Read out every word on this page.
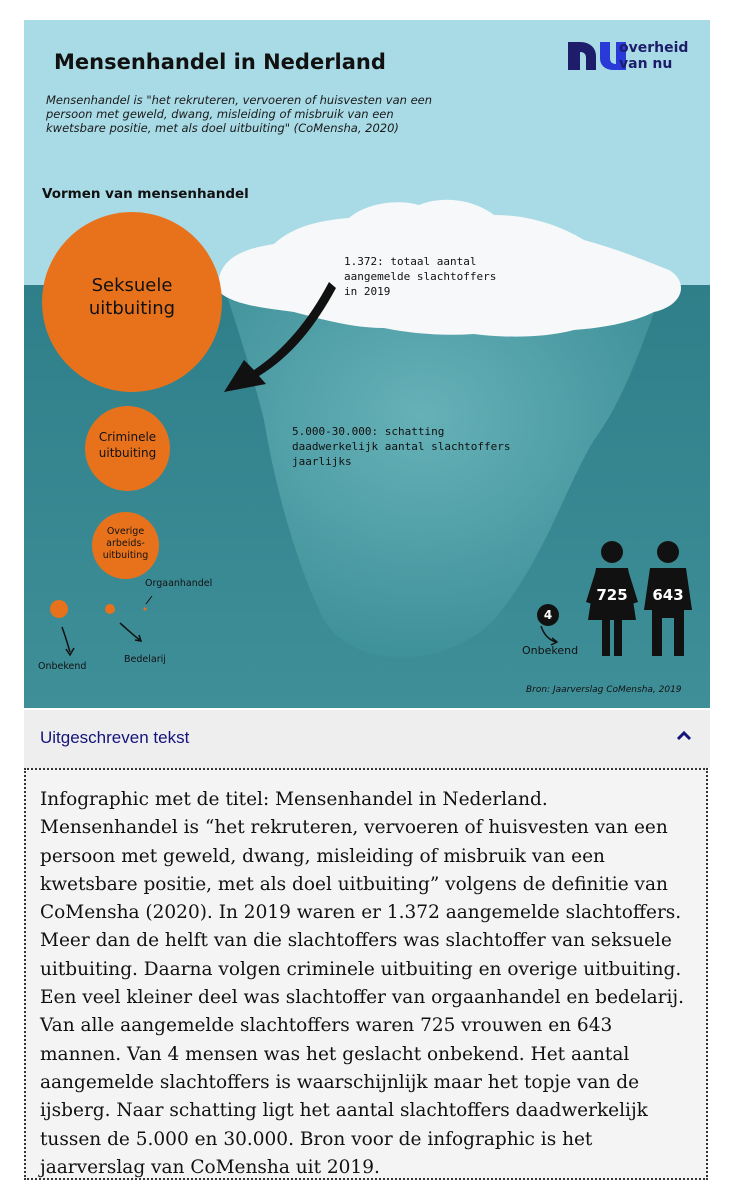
Mensenhandel in Nederland
Mensenhandel is "het rekruteren, vervoeren of huisvesten van een persoon met geweld, dwang, misleiding of misbruik van een kwetsbare positie, met als doel uitbuiting" (CoMensha, 2020)
Vormen van mensenhandel
Seksuele uitbuiting
Criminele uitbuiting
Overige arbeids-uitbuiting
Orgaanhandel
Onbekend
Bedelarij
1.372: totaal aantal aangemelde slachtoffers in 2019
5.000-30.000: schatting daadwerkelijk aantal slachtoffers jaarlijks
725 643
4
Onbekend
Bron: Jaarverslag CoMensha, 2019
overheid
van nu
Uitgeschreven tekst

Infographic met de titel: Mensenhandel in Nederland. Mensenhandel is “het rekruteren, vervoeren of huisvesten van een persoon met geweld, dwang, misleiding of misbruik van een kwetsbare positie, met als doel uitbuiting” volgens de definitie van CoMensha (2020). In 2019 waren er 1.372 aangemelde slachtoffers. Meer dan de helft van die slachtoffers was slachtoffer van seksuele uitbuiting. Daarna volgen criminele uitbuiting en overige uitbuiting. Een veel kleiner deel was slachtoffer van orgaanhandel en bedelarij. Van alle aangemelde slachtoffers waren 725 vrouwen en 643 mannen. Van 4 mensen was het geslacht onbekend. Het aantal aangemelde slachtoffers is waarschijnlijk maar het topje van de ijsberg. Naar schatting ligt het aantal slachtoffers daadwerkelijk tussen de 5.000 en 30.000. Bron voor de infographic is het jaarverslag van CoMensha uit 2019.
